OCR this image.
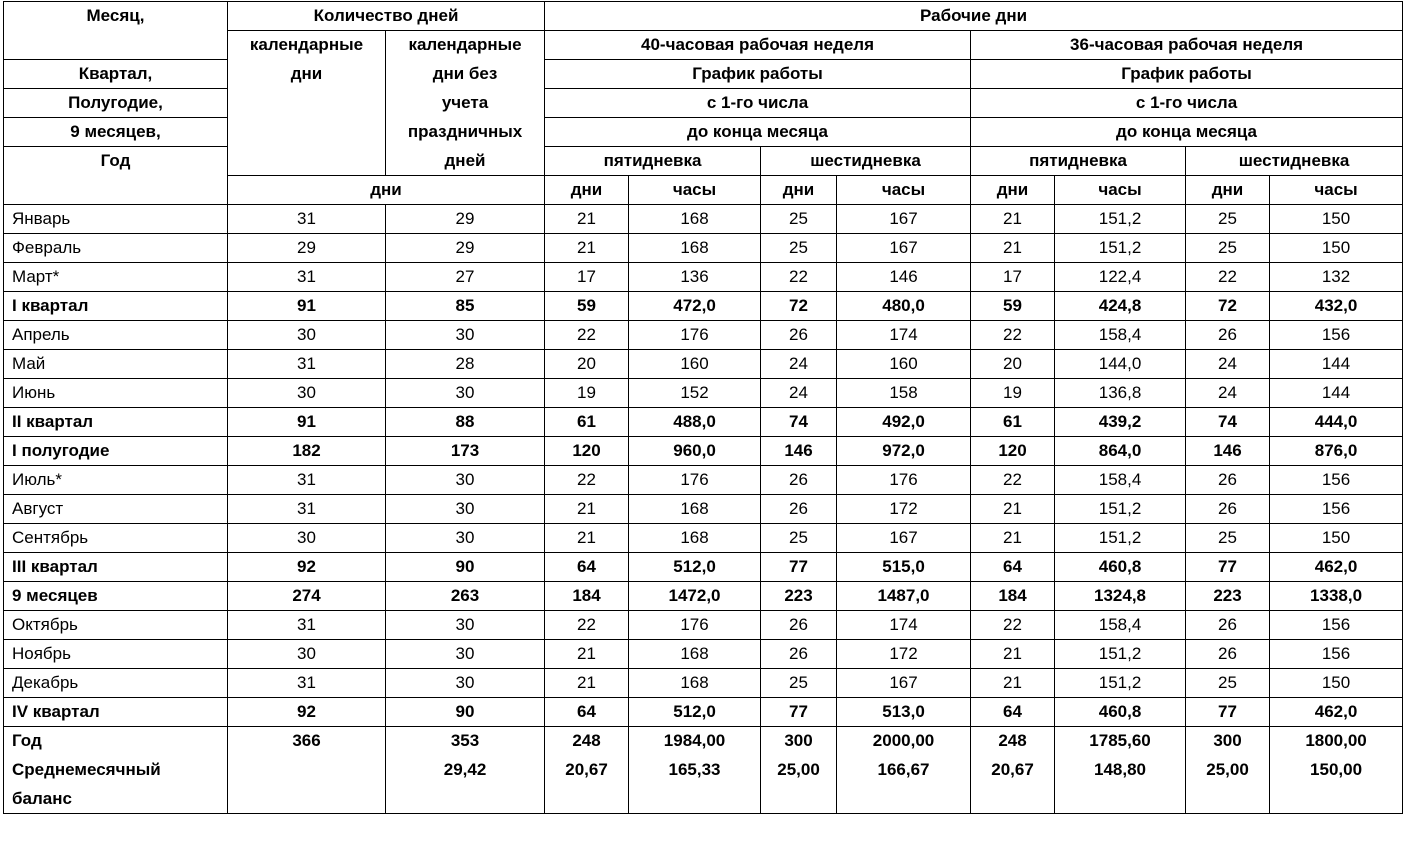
Месяц,	Количество дней		Рабочие дни							
	календарные	календарные	40-часовая рабочая неделя				36-часовая рабочая неделя			
Квартал,	дни	дни без	График работы				График работы			
Полугодие,		учета	с 1-го числа				с 1-го числа			
9 месяцев,		праздничных	до конца месяца				до конца месяца			
Год		дней	пятидневка		шестидневка		пятидневка		шестидневка	
	дни		дни	часы	дни	часы	дни	часы	дни	часы
Январь	31	29	21	168	25	167	21	151,2	25	150
Февраль	29	29	21	168	25	167	21	151,2	25	150
Март*	31	27	17	136	22	146	17	122,4	22	132
I квартал	91	85	59	472,0	72	480,0	59	424,8	72	432,0
Апрель	30	30	22	176	26	174	22	158,4	26	156
Май	31	28	20	160	24	160	20	144,0	24	144
Июнь	30	30	19	152	24	158	19	136,8	24	144
II квартал	91	88	61	488,0	74	492,0	61	439,2	74	444,0
I полугодие	182	173	120	960,0	146	972,0	120	864,0	146	876,0
Июль*	31	30	22	176	26	176	22	158,4	26	156
Август	31	30	21	168	26	172	21	151,2	26	156
Сентябрь	30	30	21	168	25	167	21	151,2	25	150
III квартал	92	90	64	512,0	77	515,0	64	460,8	77	462,0
9 месяцев	274	263	184	1472,0	223	1487,0	184	1324,8	223	1338,0
Октябрь	31	30	22	176	26	174	22	158,4	26	156
Ноябрь	30	30	21	168	26	172	21	151,2	26	156
Декабрь	31	30	21	168	25	167	21	151,2	25	150
IV квартал	92	90	64	512,0	77	513,0	64	460,8	77	462,0
Год	366	353	248	1984,00	300	2000,00	248	1785,60	300	1800,00

Среднемесячный
баланс		29,42	20,67	165,33	25,00	166,67	20,67	148,80	25,00	150,00
